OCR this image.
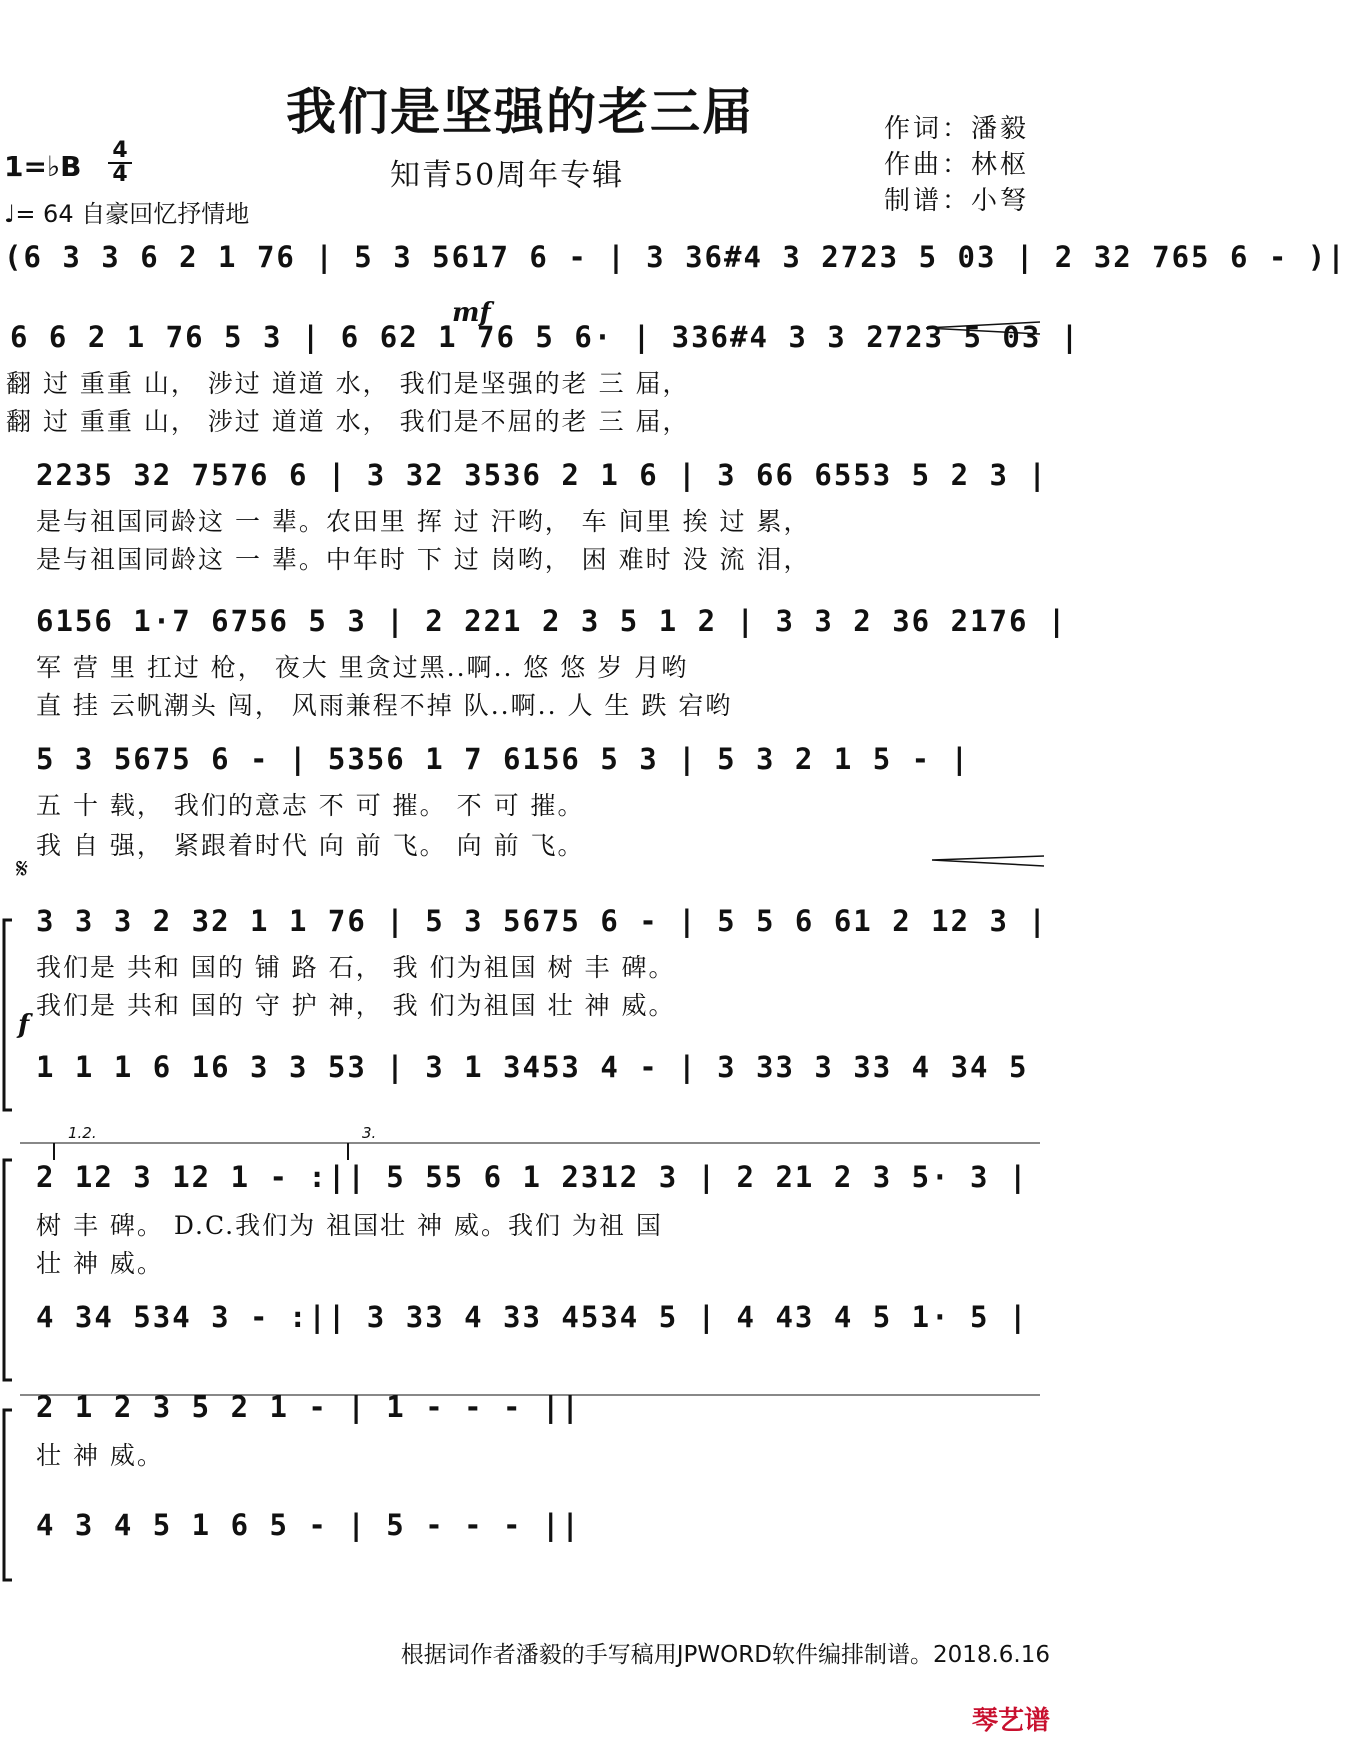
我们是坚强的老三届
知青50周年专辑
作词：潘毅
作曲：林枢
制谱：小弩
1=♭B $\frac{4}{4}$
♩= 64 自豪回忆抒情地
(6 3 3 6 2 1 76 | 5 3 5617 6 - | 3 36#4 3 2723 5 03 | 2 32 765 6 - )|
mf
6 6 2 1 76 5 3 | 6 62 1 76 5 6· | 336#4 3 3 2723 5 03 |
翻 过 重重 山， 涉过 道道 水， 我们是坚强的老 三 届，
翻 过 重重 山， 涉过 道道 水， 我们是不屈的老 三 届，
2235 32 7576 6 | 3 32 3536 2 1 6 | 3 66 6553 5 2 3 |
是与祖国同龄这 一 辈。农田里 挥 过 汗哟， 车 间里 挨 过 累，
是与祖国同龄这 一 辈。中年时 下 过 岗哟， 困 难时 没 流 泪，
6156 1·7 6756 5 3 | 2 221 2 3 5 1 2 | 3 3 2 36 2176 |
军 营 里 扛过 枪， 夜大 里贪过黑..啊.. 悠 悠 岁 月哟
直 挂 云帆潮头 闯， 风雨兼程不掉 队..啊.. 人 生 跌 宕哟
5 3 5675 6 - | 5356 1 7 6156 5 3 | 5 3 2 1 5 - |
五 十 载， 我们的意志 不 可 摧。 不 可 摧。
我 自 强， 紧跟着时代 向 前 飞。 向 前 飞。
𝄋
f
3 3 3 2 32 1 1 76 | 5 3 5675 6 - | 5 5 6 61 2 12 3 |
我们是 共和 国的 铺 路 石， 我 们为祖国 树 丰 碑。
我们是 共和 国的 守 护 神， 我 们为祖国 壮 神 威。
1 1 1 6 16 3 3 53 | 3 1 3453 4 - | 3 33 3 33 4 34 5
1.2.	3.
2 12 3 12 1 - :|| 5 55 6 1 2312 3 | 2 21 2 3 5· 3 |
树 丰 碑。 D.C.我们为 祖国壮 神 威。我们 为祖 国
壮 神 威。
4 34 534 3 - :|| 3 33 4 33 4534 5 | 4 43 4 5 1· 5 |
2 1 2 3 5 2 1 - | 1 - - - ||
壮 神 威。
4 3 4 5 1 6 5 - | 5 - - - ||
根据词作者潘毅的手写稿用JPWORD软件编排制谱。2018.6.16
琴艺谱
